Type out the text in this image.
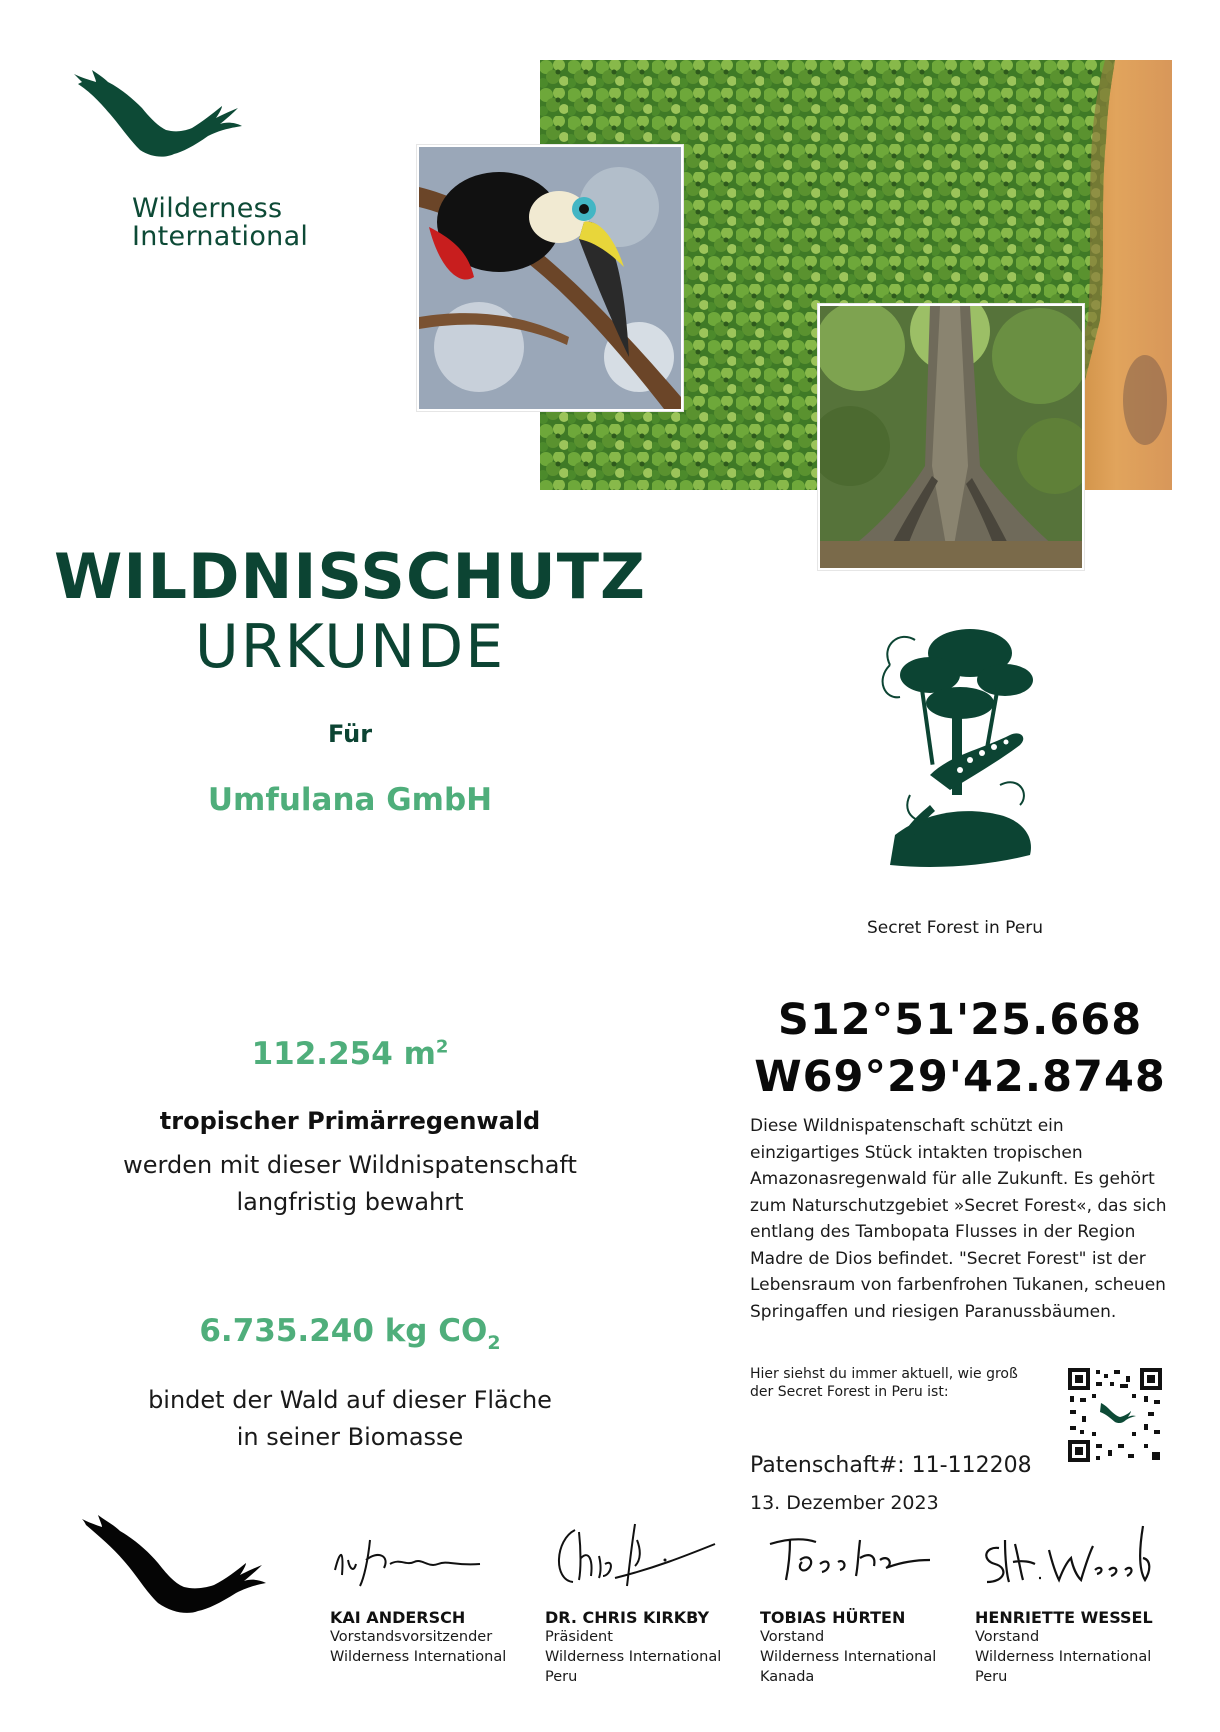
Wilderness
International
WILDNISSCHUTZ
URKUNDE
Für
Umfulana GmbH
Secret Forest in Peru
112.254 $m^2$
tropischer Primärregenwald
werden mit dieser Wildnispatenschaft
langfristig bewahrt
6.735.240 kg $CO_2$
bindet der Wald auf dieser Fläche
in seiner Biomasse
S12°51'25.668
W69°29'42.8748
Diese Wildnispatenschaft schützt ein einzigartiges Stück intakten tropischen Amazonasregenwald für alle Zukunft. Es gehört zum Naturschutzgebiet »Secret Forest«, das sich entlang des Tambopata Flusses in der Region Madre de Dios befindet. "Secret Forest" ist der Lebensraum von farbenfrohen Tukanen, scheuen Springaffen und riesigen Paranussbäumen.
Hier siehst du immer aktuell, wie groß der Secret Forest in Peru ist:
Patenschaft#: 11-112208
13. Dezember 2023
KAI ANDERSCH
Vorstandsvorsitzender
Wilderness International
DR. CHRIS KIRKBY
Präsident
Wilderness International
Peru
TOBIAS HÜRTEN
Vorstand
Wilderness International
Kanada
HENRIETTE WESSEL
Vorstand
Wilderness International
Peru
